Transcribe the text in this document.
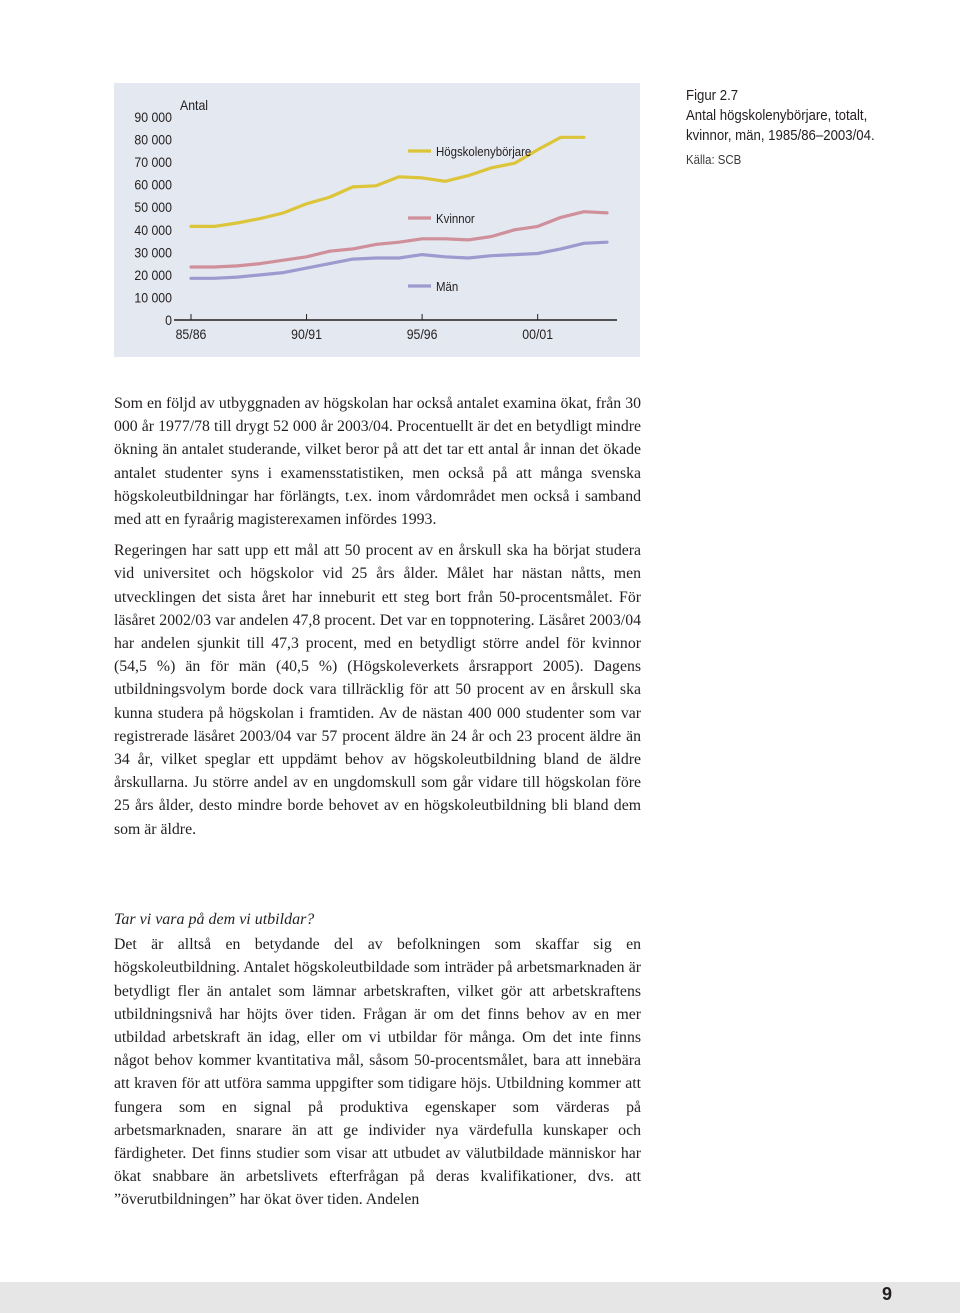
0
10 000
20 000
30 000
40 000
50 000
60 000
70 000
80 000
90 000
85/86	90/91	95/96	00/01
Antal
Högskolenybörjare
Kvinnor
Män
Figur 2.7
Antal högskolenybörjare, totalt, kvinnor, män, 1985/86–2003/04.
Källa: SCB

Som en följd av utbyggnaden av högskolan har också antalet examina ökat, från 30 000 år 1977/78 till drygt 52 000 år 2003/04. Procentuellt är det en betydligt mindre ökning än antalet studerande, vilket beror på att det tar ett antal år innan det ökade antalet studenter syns i examensstatistiken, men också på att många svenska högskoleutbildningar har förlängts, t.ex. inom vårdområdet men också i samband med att en fyraårig magisterexamen infördes 1993.

Regeringen har satt upp ett mål att 50 procent av en årskull ska ha börjat studera vid universitet och högskolor vid 25 års ålder. Målet har nästan nåtts, men utvecklingen det sista året har inneburit ett steg bort från 50-procentsmålet. För läsåret 2002/03 var andelen 47,8 procent. Det var en toppnotering. Läsåret 2003/04 har andelen sjunkit till 47,3 procent, med en betydligt större andel för kvinnor (54,5 %) än för män (40,5 %) (Högskoleverkets årsrapport 2005). Dagens utbildningsvolym borde dock vara tillräcklig för att 50 procent av en årskull ska kunna studera på högskolan i framtiden. Av de nästan 400 000 studenter som var registrerade läsåret 2003/04 var 57 procent äldre än 24 år och 23 procent äldre än 34 år, vilket speglar ett uppdämt behov av högskoleutbildning bland de äldre årskullarna. Ju större andel av en ungdomskull som går vidare till högskolan före 25 års ålder, desto mindre borde behovet av en högskoleutbildning bli bland dem som är äldre.

Tar vi vara på dem vi utbildar?

Det är alltså en betydande del av befolkningen som skaffar sig en högskoleutbildning. Antalet högskoleutbildade som inträder på arbetsmarknaden är betydligt fler än antalet som lämnar arbetskraften, vilket gör att arbetskraftens utbildningsnivå har höjts över tiden. Frågan är om det finns behov av en mer utbildad arbetskraft än idag, eller om vi utbildar för många. Om det inte finns något behov kommer kvantitativa mål, såsom 50-procentsmålet, bara att innebära att kraven för att utföra samma uppgifter som tidigare höjs. Utbildning kommer att fungera som en signal på produktiva egenskaper som värderas på arbetsmarknaden, snarare än att ge individer nya värdefulla kunskaper och färdigheter. Det finns studier som visar att utbudet av välutbildade människor har ökat snabbare än arbetslivets efterfrågan på deras kvalifikationer, dvs. att ”överutbildningen” har ökat över tiden. Andelen

9
